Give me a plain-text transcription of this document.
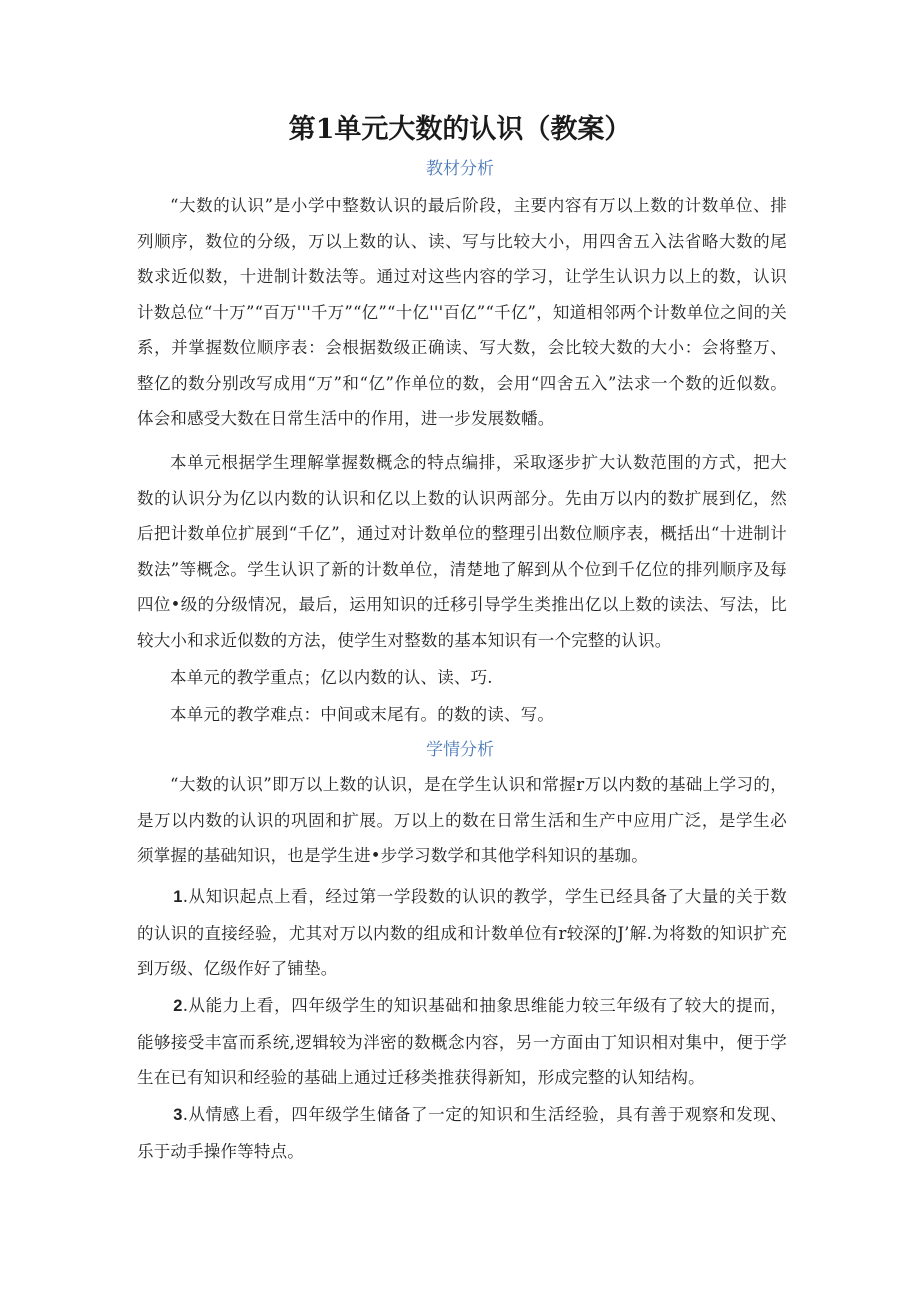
第1单元大数的认识（教案）
教材分析

“大数的认识”是小学中整数认识的最后阶段，主要内容有万以上数的计数单位、排列顺序，数位的分级，万以上数的认、读、写与比较大小，用四舍五入法省略大数的尾数求近似数，十进制计数法等。通过对这些内容的学习，让学生认识力以上的数，认识计数总位“十万”“百万'''千万”“亿”“十亿'''百亿”“千亿”，知道相邻两个计数单位之间的关系，并掌握数位顺序表：会根据数级正确读、写大数，会比较大数的大小：会将整万、整亿的数分别改写成用“万”和“亿”作单位的数，会用“四舍五入”法求一个数的近似数。体会和感受大数在日常生活中的作用，进一步发展数幡。

本单元根据学生理解掌握数概念的特点编排，采取逐步扩大认数范围的方式，把大数的认识分为亿以内数的认识和亿以上数的认识两部分。先由万以内的数扩展到亿，然后把计数单位扩展到“千亿”，通过对计数单位的整理引出数位顺序表，概括出“十进制计数法”等概念。学生认识了新的计数单位，清楚地了解到从个位到千亿位的排列顺序及每四位•级的分级情况，最后，运用知识的迁移引导学生类推出亿以上数的读法、写法，比较大小和求近似数的方法，使学生对整数的基本知识有一个完整的认识。

本单元的教学重点；亿以内数的认、读、巧.

本单元的教学难点：中间或末尾有。的数的读、写。

学情分析

“大数的认识”即万以上数的认识，是在学生认识和常握r万以内数的基础上学习的，是万以内数的认识的巩固和扩展。万以上的数在日常生活和生产中应用广泛，是学生必须掌握的基础知识，也是学生进•步学习数学和其他学科知识的基珈。

1.从知识起点上看，经过第一学段数的认识的教学，学生已经具备了大量的关于数的认识的直接经验，尤其对万以内数的组成和计数单位有r较深的J’解.为将数的知识扩充到万级、亿级作好了铺垫。

2.从能力上看，四年级学生的知识基础和抽象思维能力较三年级有了较大的提而，能够接受丰富而系统,逻辑较为泮密的数概念内容，另一方面由丁知识相对集中，便于学生在已有知识和经验的基础上通过迁移类推获得新知，形成完整的认知结构。

3.从情感上看，四年级学生储备了一定的知识和生活经验，具有善于观察和发现、乐于动手操作等特点。
